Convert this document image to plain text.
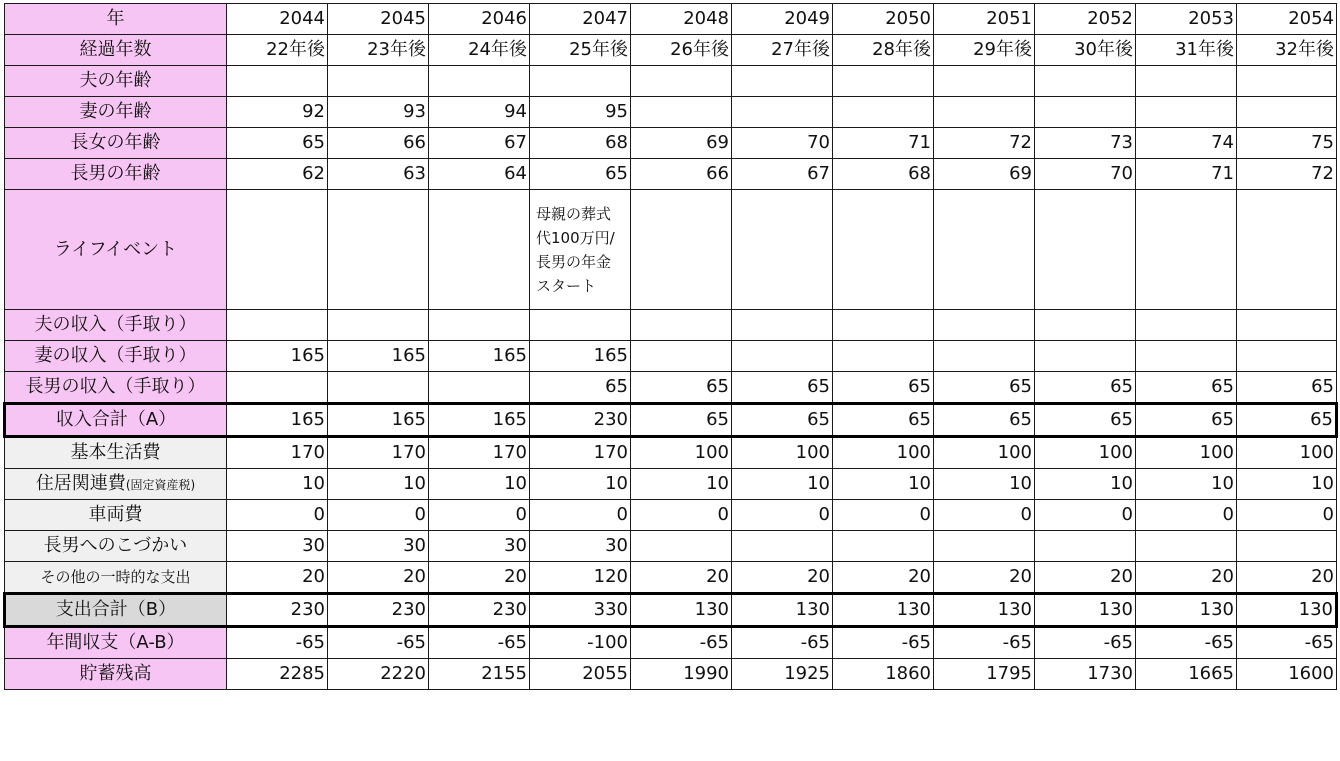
年	2044	2045	2046	2047	2048	2049	2050	2051	2052	2053	2054
経過年数	22年後	23年後	24年後	25年後	26年後	27年後	28年後	29年後	30年後	31年後	32年後
夫の年齢											
妻の年齢	92	93	94	95							
長女の年齢	65	66	67	68	69	70	71	72	73	74	75
長男の年齢	62	63	64	65	66	67	68	69	70	71	72
ライフイベント				母親の葬式
代100万円/
長男の年金
スタート							
夫の収入（手取り）											
妻の収入（手取り）	165	165	165	165							
長男の収入（手取り）				65	65	65	65	65	65	65	65
収入合計（A）	165	165	165	230	65	65	65	65	65	65	65
基本生活費	170	170	170	170	100	100	100	100	100	100	100
住居関連費(固定資産税)	10	10	10	10	10	10	10	10	10	10	10
車両費	0	0	0	0	0	0	0	0	0	0	0
長男へのこづかい	30	30	30	30							
その他の一時的な支出	20	20	20	120	20	20	20	20	20	20	20
支出合計（B）	230	230	230	330	130	130	130	130	130	130	130
年間収支（A-B）	-65	-65	-65	-100	-65	-65	-65	-65	-65	-65	-65
貯蓄残高	2285	2220	2155	2055	1990	1925	1860	1795	1730	1665	1600
